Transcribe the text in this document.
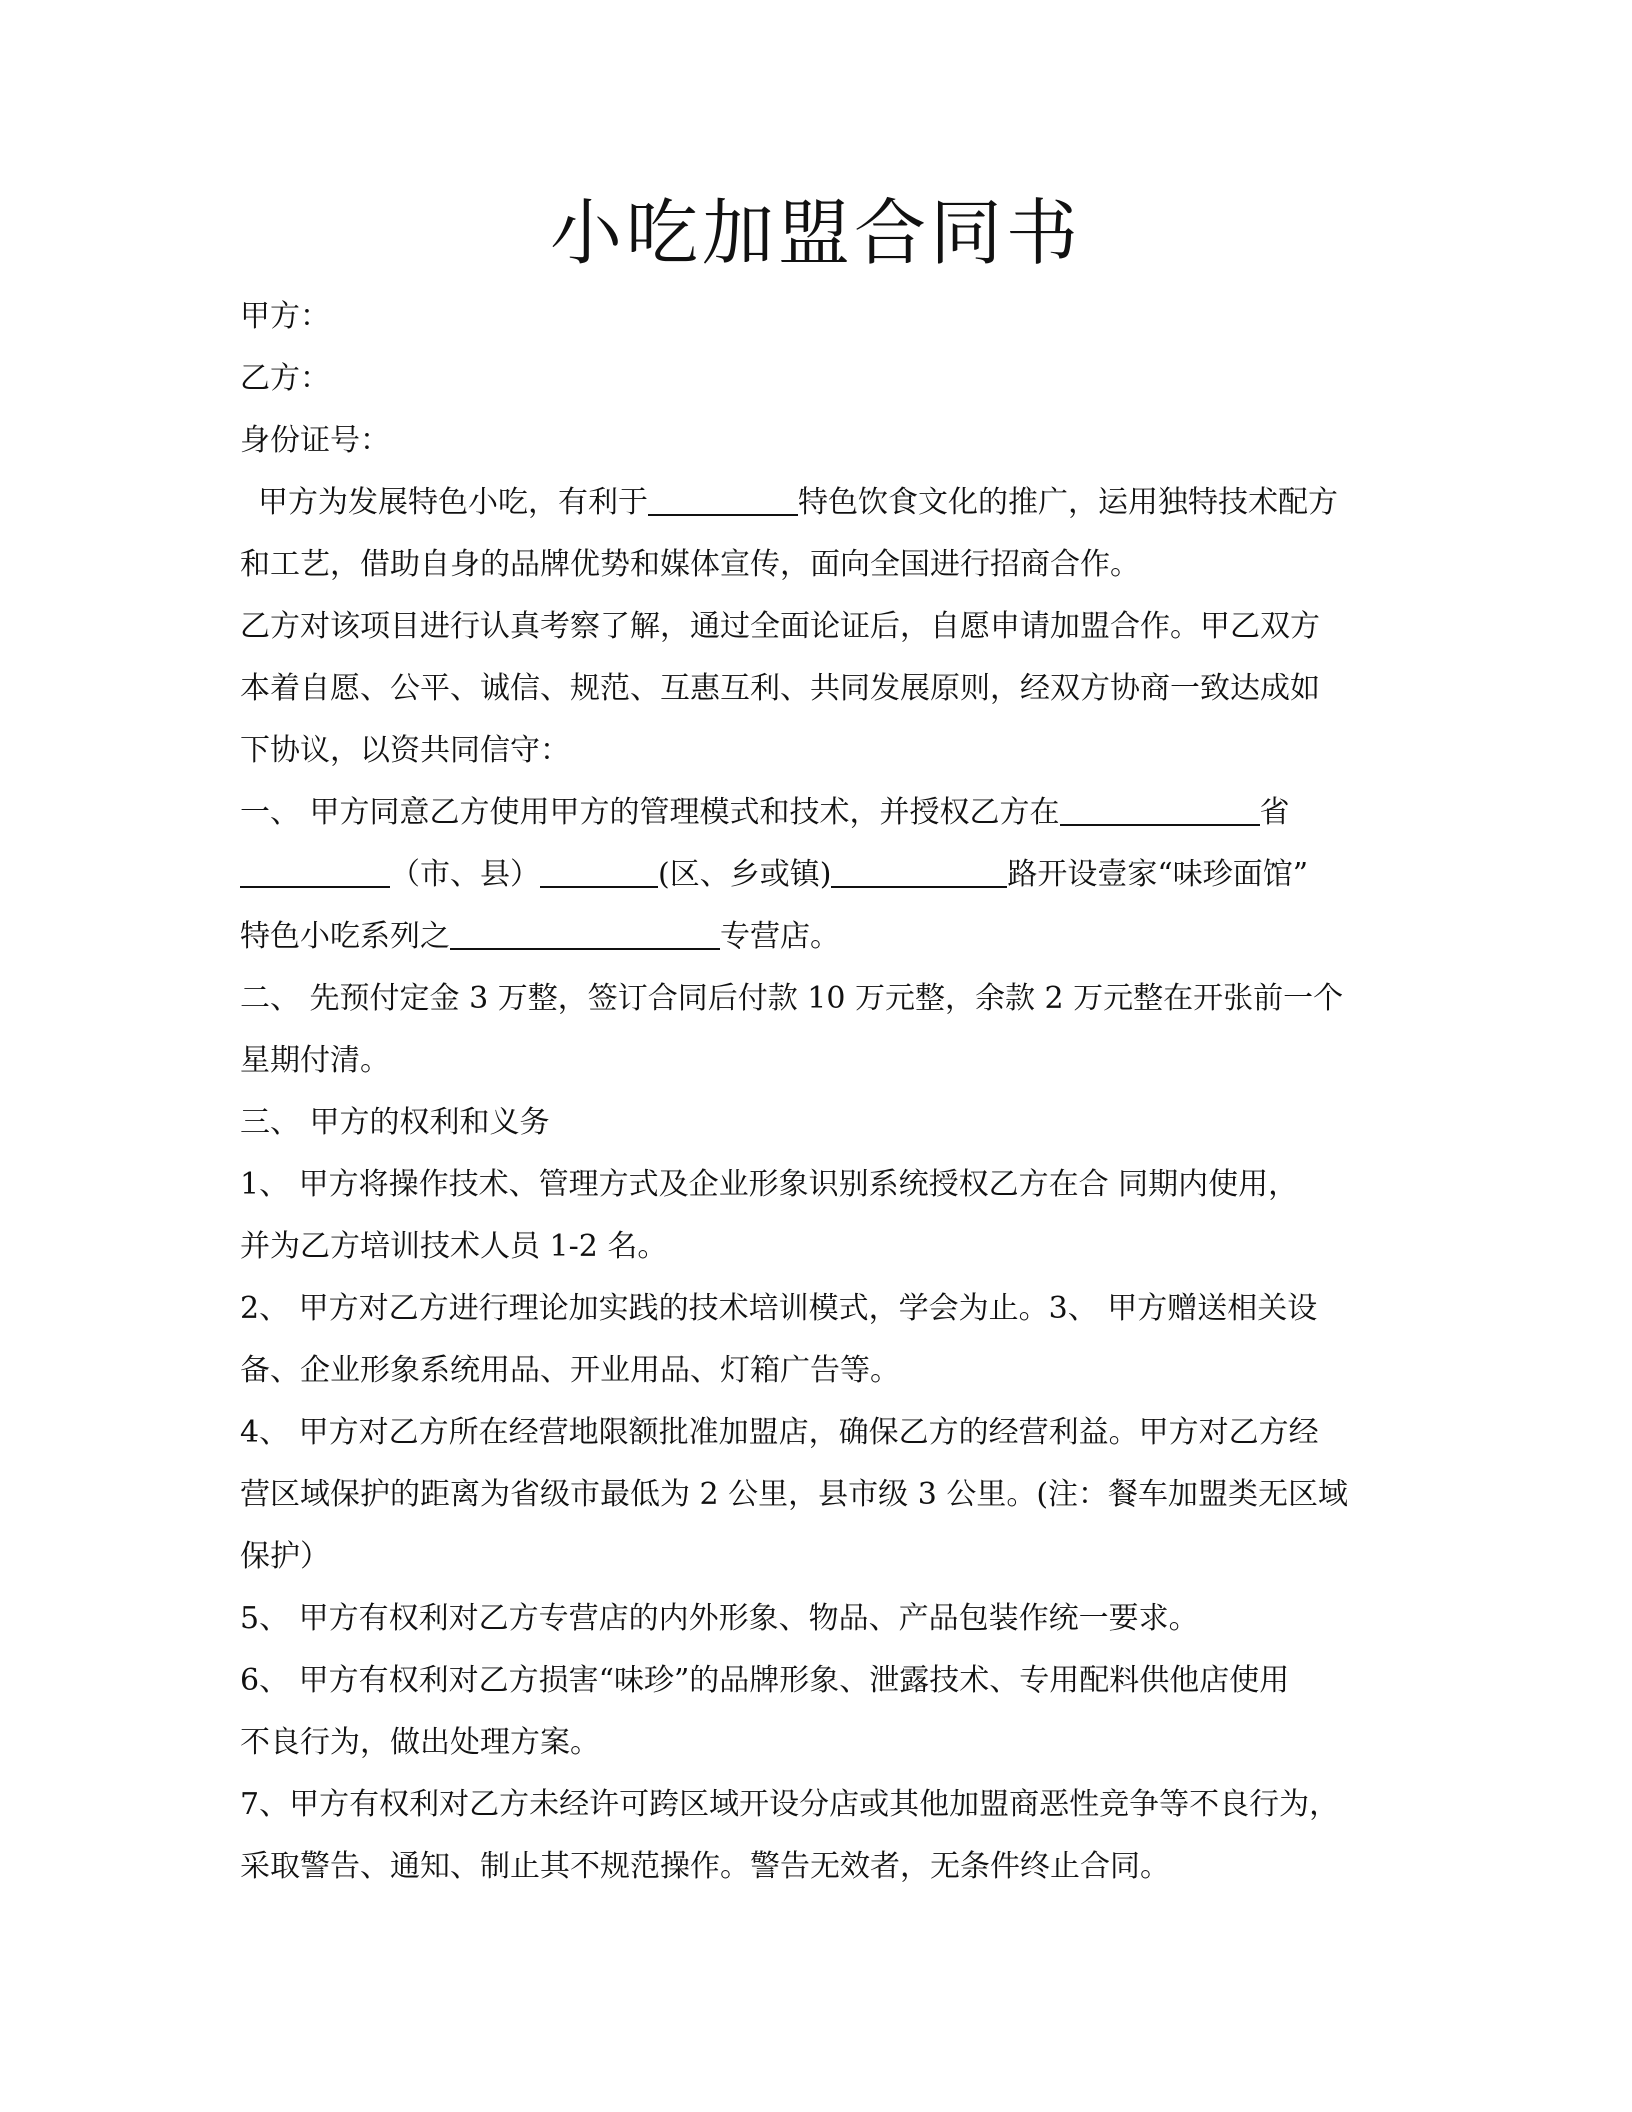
小吃加盟合同书
甲方：
乙方：
身份证号：
甲方为发展特色小吃，有利于	特色饮食文化的推广，运用独特技术配方
和工艺，借助自身的品牌优势和媒体宣传，面向全国进行招商合作。
乙方对该项目进行认真考察了解，通过全面论证后，自愿申请加盟合作。甲乙双方
本着自愿、公平、诚信、规范、互惠互利、共同发展原则，经双方协商一致达成如
下协议，以资共同信守：
一、 甲方同意乙方使用甲方的管理模式和技术，并授权乙方在	省
（市、县）	(区、乡或镇)	路开设壹家“味珍面馆”
特色小吃系列之	专营店。
二、 先预付定金 3 万整，签订合同后付款 10 万元整，余款 2 万元整在开张前一个
星期付清。
三、 甲方的权利和义务
1、 甲方将操作技术、管理方式及企业形象识别系统授权乙方在合 同期内使用，
并为乙方培训技术人员 1-2 名。
2、 甲方对乙方进行理论加实践的技术培训模式，学会为止。3、 甲方赠送相关设
备、企业形象系统用品、开业用品、灯箱广告等。
4、 甲方对乙方所在经营地限额批准加盟店，确保乙方的经营利益。甲方对乙方经
营区域保护的距离为省级市最低为 2 公里，县市级 3 公里。(注：餐车加盟类无区域
保护）
5、 甲方有权利对乙方专营店的内外形象、物品、产品包装作统一要求。
6、 甲方有权利对乙方损害“味珍”的品牌形象、泄露技术、专用配料供他店使用
不良行为，做出处理方案。
7、甲方有权利对乙方未经许可跨区域开设分店或其他加盟商恶性竞争等不良行为，
采取警告、通知、制止其不规范操作。警告无效者，无条件终止合同。
